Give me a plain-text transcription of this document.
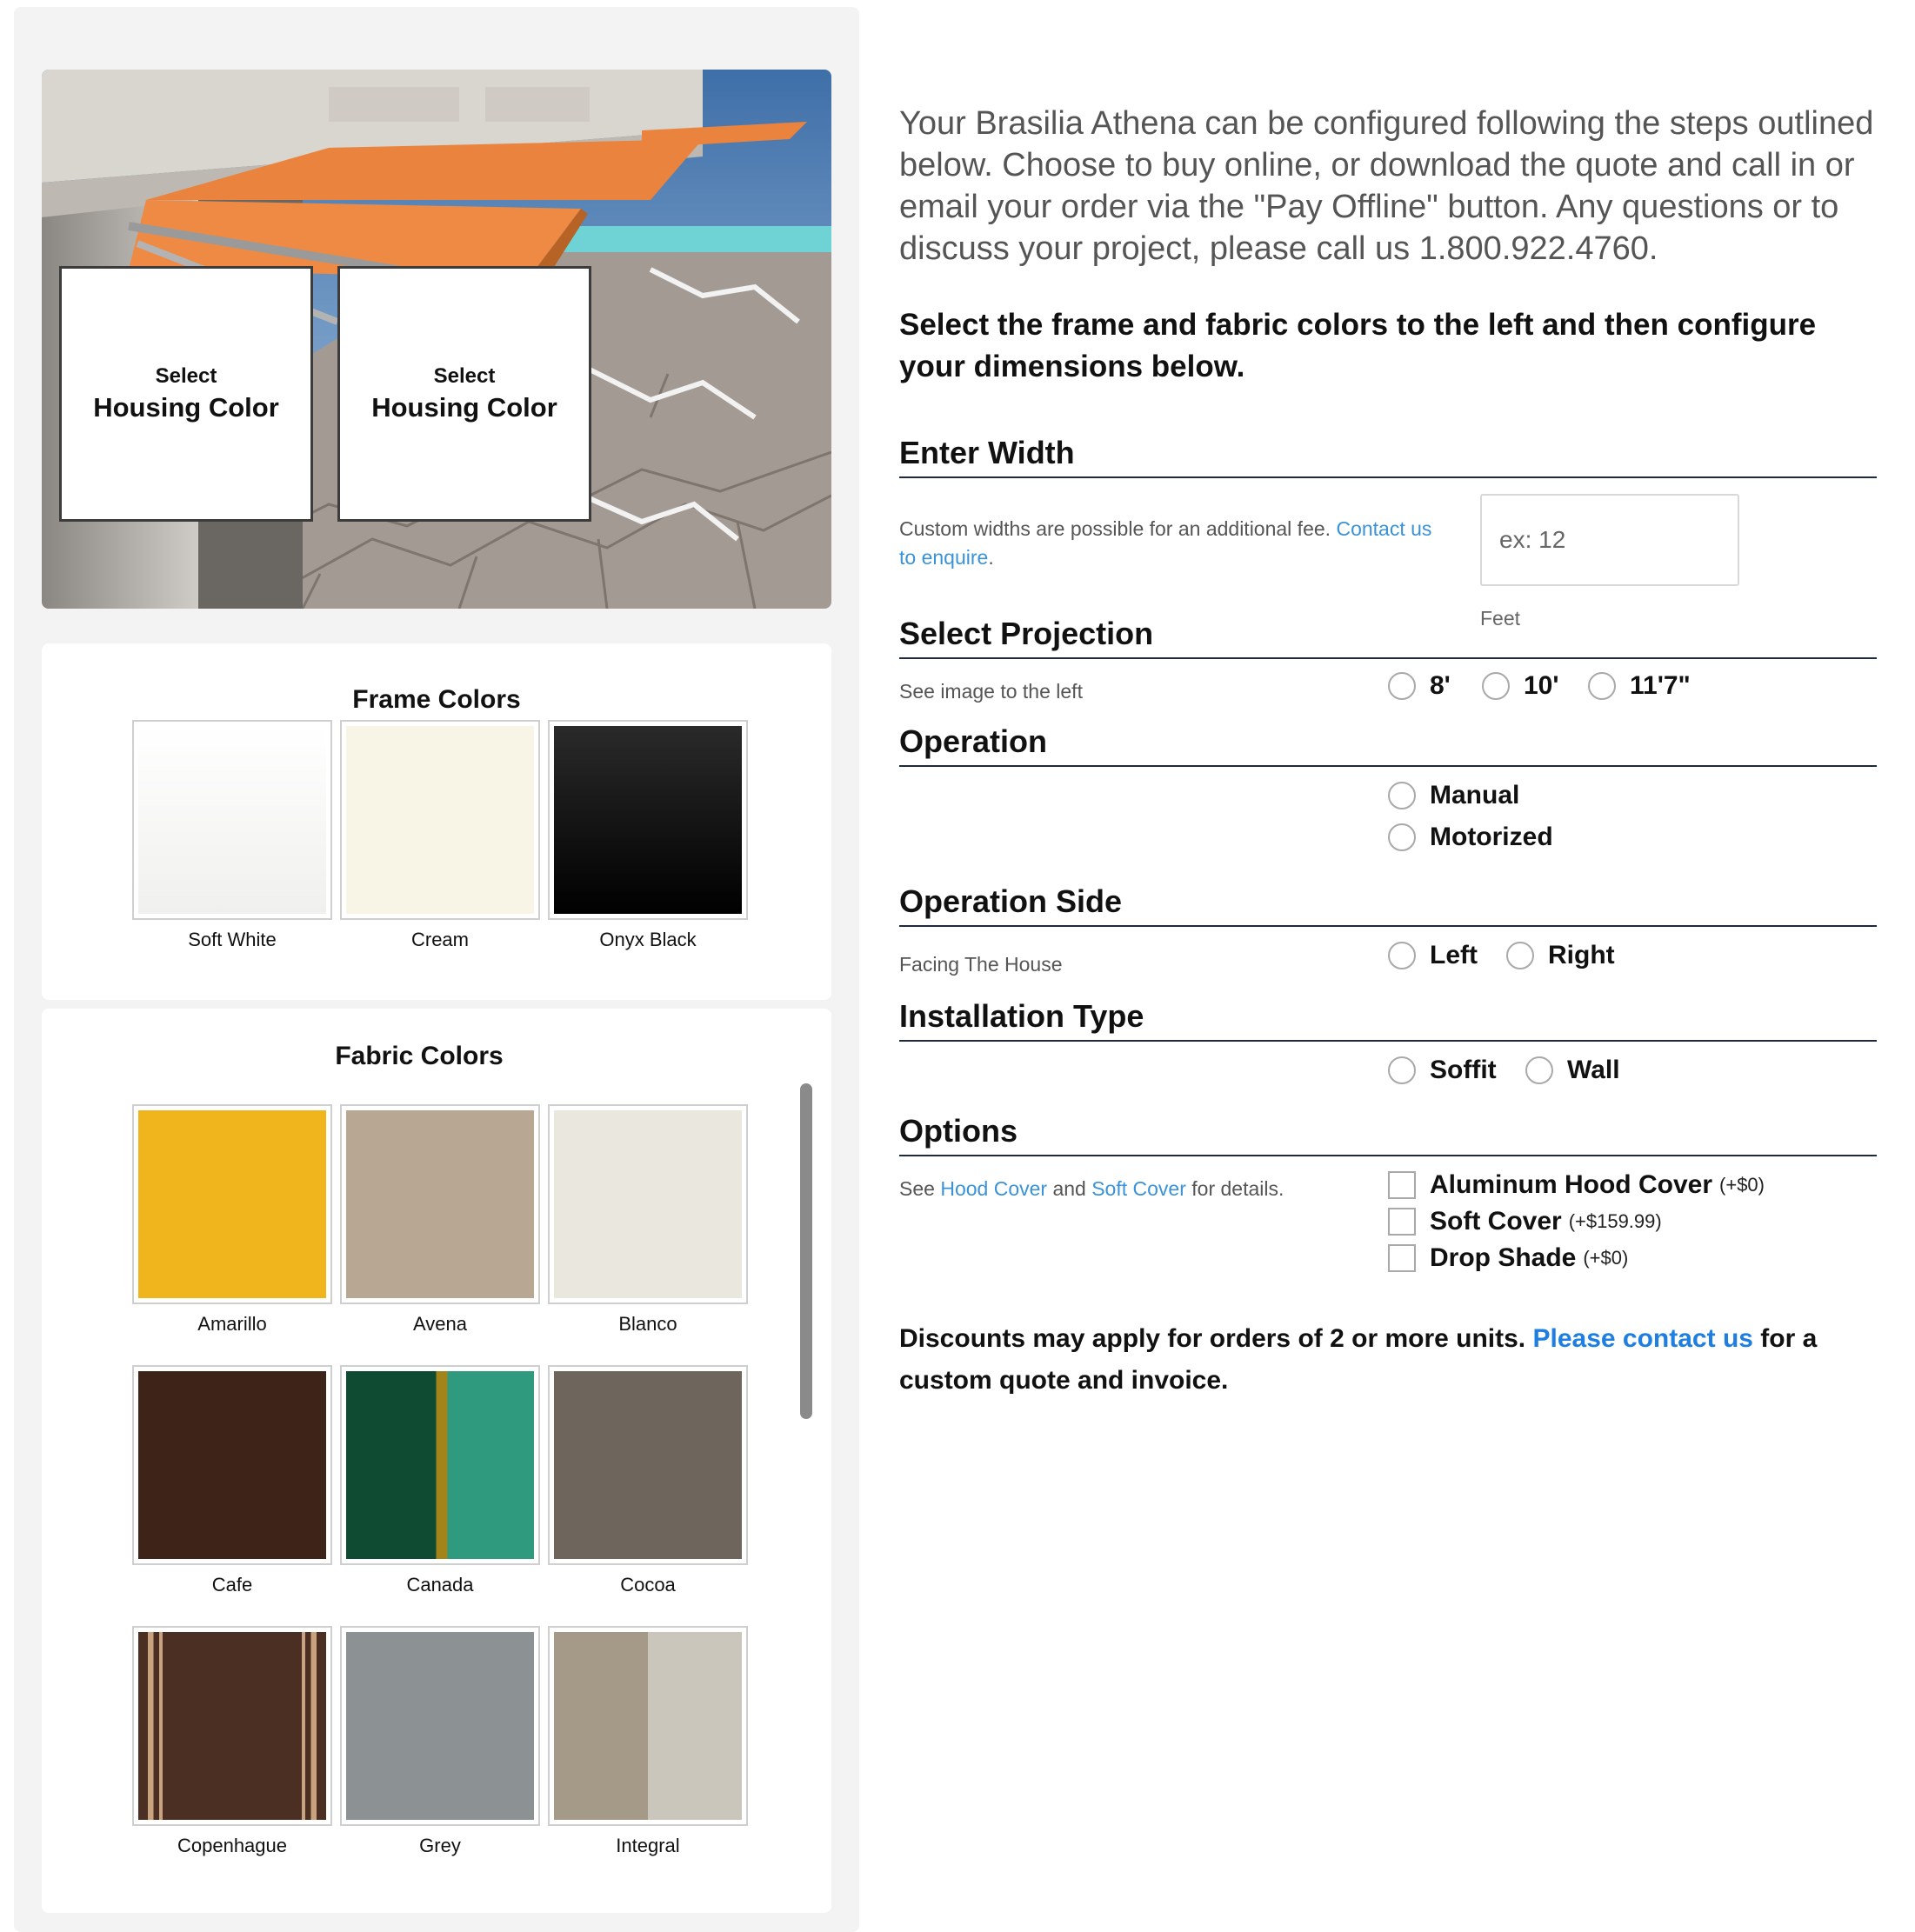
Select
Housing Color
Select
Housing Color
Frame Colors
Soft White	Cream	Onyx Black
Fabric Colors
Amarillo	Avena	Blanco
Cafe	Canada	Cocoa
Copenhague	Grey	Integral

Your Brasilia Athena can be configured following the steps outlined below. Choose to buy online, or download the quote and call in or email your order via the "Pay Offline" button. Any questions or to discuss your project, please call us 1.800.922.4760.

Select the frame and fabric colors to the left and then configure your dimensions below.

Enter Width
Custom widths are possible for an additional fee. Contact us to enquire.
ex: 12
Feet
Select Projection
See image to the left	8'	10'	11'7"
Operation
Manual
Motorized
Operation Side
Facing The House	Left	Right
Installation Type
Soffit	Wall
Options
See Hood Cover and Soft Cover for details.	Aluminum Hood Cover (+$0)
Soft Cover (+$159.99)
Drop Shade (+$0)
Discounts may apply for orders of 2 or more units. Please contact us for a custom quote and invoice.
